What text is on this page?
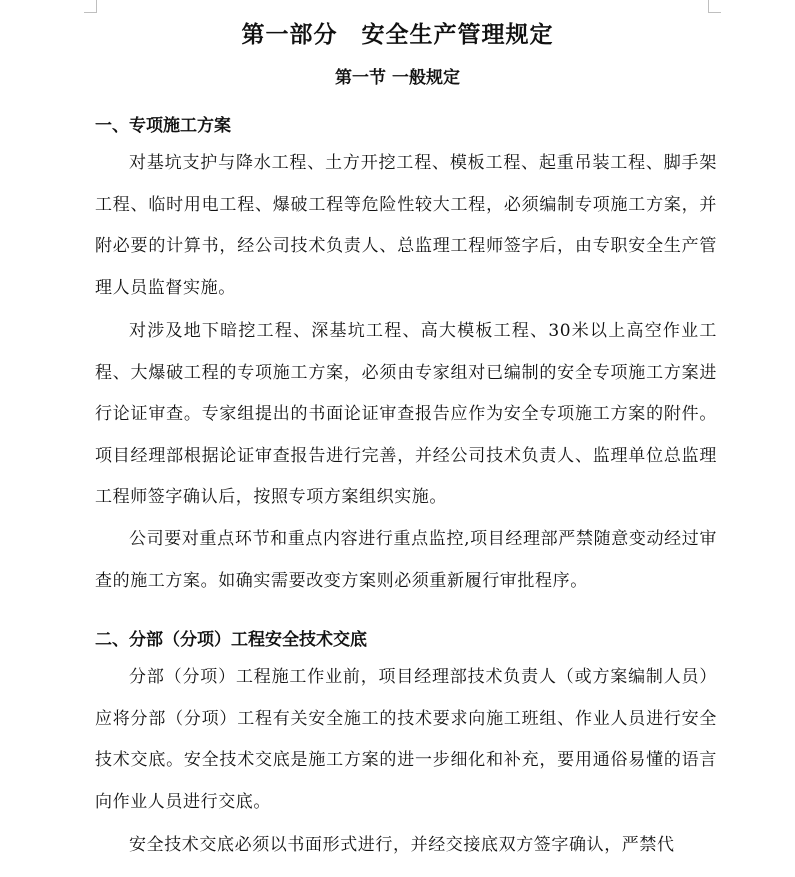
第一部分　安全生产管理规定
第一节 一般规定
一、专项施工方案
对基坑支护与降水工程、土方开挖工程、模板工程、起重吊装工程、脚手架工程、临时用电工程、爆破工程等危险性较大工程，必须编制专项施工方案，并附必要的计算书，经公司技术负责人、总监理工程师签字后，由专职安全生产管理人员监督实施。
对涉及地下暗挖工程、深基坑工程、高大模板工程、30米以上高空作业工程、大爆破工程的专项施工方案，必须由专家组对已编制的安全专项施工方案进行论证审查。专家组提出的书面论证审查报告应作为安全专项施工方案的附件。项目经理部根据论证审查报告进行完善，并经公司技术负责人、监理单位总监理工程师签字确认后，按照专项方案组织实施。
公司要对重点环节和重点内容进行重点监控,项目经理部严禁随意变动经过审查的施工方案。如确实需要改变方案则必须重新履行审批程序。
二、分部（分项）工程安全技术交底
分部（分项）工程施工作业前，项目经理部技术负责人（或方案编制人员）应将分部（分项）工程有关安全施工的技术要求向施工班组、作业人员进行安全技术交底。安全技术交底是施工方案的进一步细化和补充，要用通俗易懂的语言向作业人员进行交底。
安全技术交底必须以书面形式进行，并经交接底双方签字确认，严禁代
